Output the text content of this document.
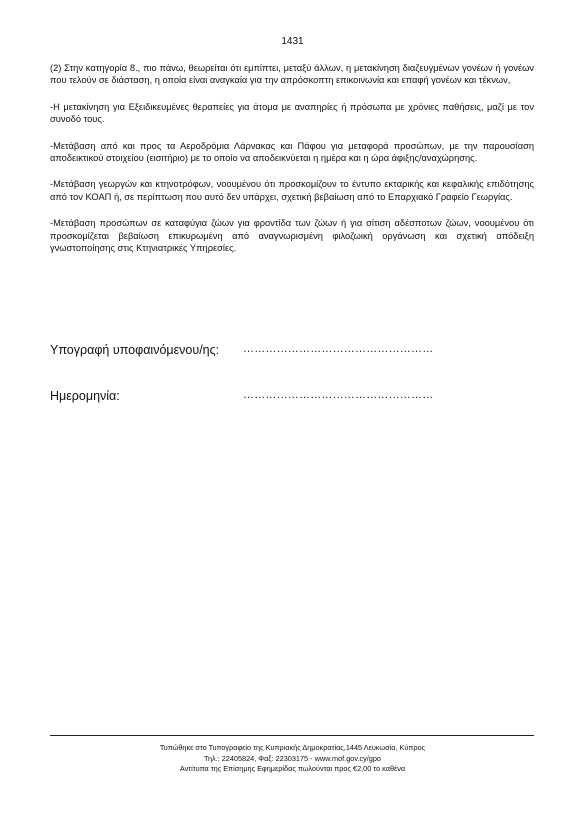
1431

(2) Στην κατηγορία 8., πιο πάνω, θεωρείται ότι εμπίπτει, μεταξύ άλλων, η μετακίνηση διαζευγμένων γονέων ή γονέων που τελούν σε διάσταση, η οποία είναι αναγκαία για την απρόσκοπτη επικοινωνία και επαφή γονέων και τέκνων,

-Η μετακίνηση για Εξειδικευμένες θεραπείες για άτομα με αναπηρίες ή πρόσωπα με χρόνιες παθήσεις, μαζί με τον συνοδό τους.

-Μετάβαση από και προς τα Αεροδρόμια Λάρνακας και Πάφου για μεταφορά προσώπων, με την παρουσίαση αποδεικτικού στοιχείου (εισιτήριο) με το οποίο να αποδεικνύεται η ημέρα και η ώρα άφιξης/αναχώρησης.

-Μετάβαση γεωργών και κτηνοτρόφων, νοουμένου ότι προσκομίζουν το έντυπο εκταρικής και κεφαλικής επιδότησης από τον ΚΟΑΠ ή, σε περίπτωση που αυτό δεν υπάρχει, σχετική βεβαίωση από το Επαρχιακό Γραφείο Γεωργίας.

-Μετάβαση προσώπων σε καταφύγια ζώων για φροντίδα των ζώων ή για σίτιση αδέσποτων ζώων, νοουμένου ότι προσκομίζεται βεβαίωση επικυρωμένη από αναγνωρισμένη φιλοζωική οργάνωση και σχετική απόδειξη γνωστοποίησης στις Κτηνιατρικές Υπηρεσίες.

Υπογραφή υποφαινόμενου/ης: ……………………………………………
Ημερομηνία:	……………………………………………
Τυπώθηκε στο Τυπογραφείο της Κυπριακής Δημοκρατίας,1445 Λευκωσία, Κύπρος
Τηλ.: 22405824, Φαξ: 22303175 - www.mof.gov.cy/gpo
Αντίτυπα της Επίσημης Εφημερίδας πωλούνται προς €2,00 το καθένα
